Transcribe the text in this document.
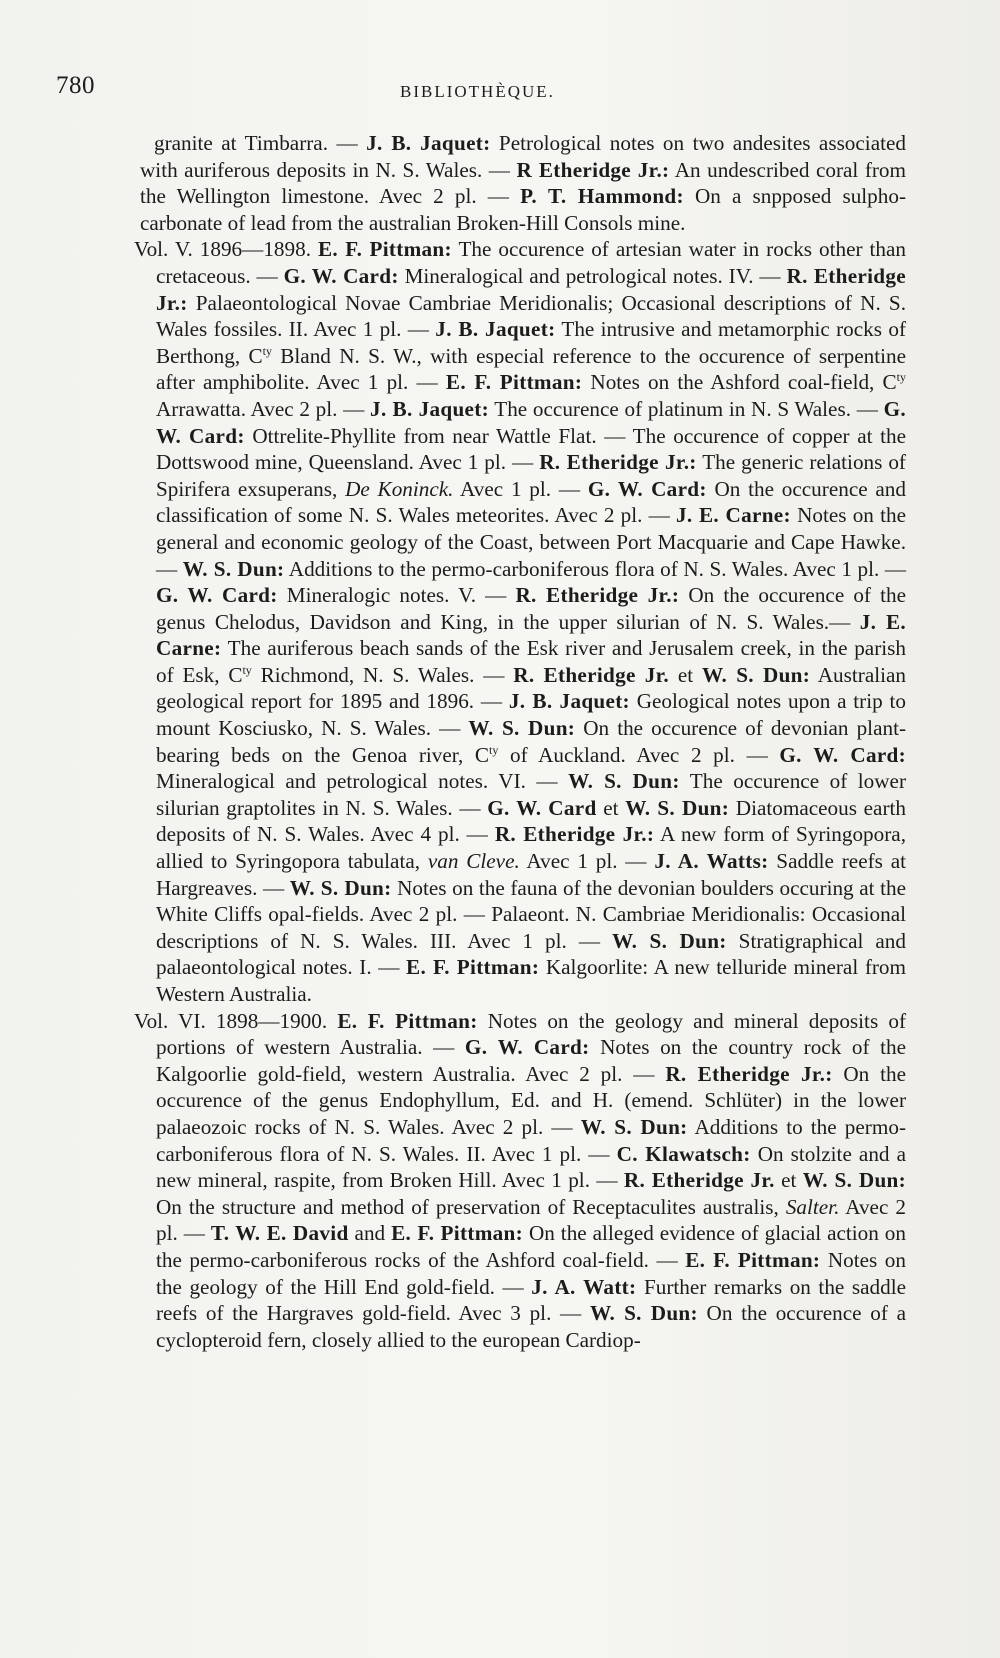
780	BIBLIOTHÈQUE.

granite at Timbarra. — J. B. Jaquet: Petrological notes on two andesites associated with auriferous deposits in N. S. Wales. — R Etheridge Jr.: An undescribed coral from the Wellington limestone. Avec 2 pl. — P. T. Hammond: On a snpposed sulpho-carbonate of lead from the australian Broken-Hill Consols mine.

Vol. V. 1896—1898. E. F. Pittman: The occurence of artesian water in rocks other than cretaceous. — G. W. Card: Mineralogical and petrological notes. IV. — R. Etheridge Jr.: Palaeontological Novae Cambriae Meridionalis; Occasional descriptions of N. S. Wales fossiles. II. Avec 1 pl. — J. B. Jaquet: The intrusive and metamorphic rocks of Berthong, $C^{ty}$ Bland N. S. W., with especial reference to the occurence of serpentine after amphibolite. Avec 1 pl. — E. F. Pittman: Notes on the Ashford coal-field, $C^{ty}$ Arrawatta. Avec 2 pl. — J. B. Jaquet: The occurence of platinum in N. S Wales. — G. W. Card: Ottrelite-Phyllite from near Wattle Flat. — The occurence of copper at the Dottswood mine, Queensland. Avec 1 pl. — R. Etheridge Jr.: The generic relations of Spirifera exsuperans, De Koninck. Avec 1 pl. — G. W. Card: On the occurence and classification of some N. S. Wales meteorites. Avec 2 pl. — J. E. Carne: Notes on the general and economic geology of the Coast, between Port Macquarie and Cape Hawke. — W. S. Dun: Additions to the permo-carboniferous flora of N. S. Wales. Avec 1 pl. — G. W. Card: Mineralogic notes. V. — R. Etheridge Jr.: On the occurence of the genus Chelodus, Davidson and King, in the upper silurian of N. S. Wales.— J. E. Carne: The auriferous beach sands of the Esk river and Jerusalem creek, in the parish of Esk, $C^{ty}$ Richmond, N. S. Wales. — R. Etheridge Jr. et W. S. Dun: Australian geological report for 1895 and 1896. — J. B. Jaquet: Geological notes upon a trip to mount Kosciusko, N. S. Wales. — W. S. Dun: On the occurence of devonian plant-bearing beds on the Genoa river, $C^{ty}$ of Auckland. Avec 2 pl. — G. W. Card: Mineralogical and petrological notes. VI. — W. S. Dun: The occurence of lower silurian graptolites in N. S. Wales. — G. W. Card et W. S. Dun: Diatomaceous earth deposits of N. S. Wales. Avec 4 pl. — R. Etheridge Jr.: A new form of Syringopora, allied to Syringopora tabulata, van Cleve. Avec 1 pl. — J. A. Watts: Saddle reefs at Hargreaves. — W. S. Dun: Notes on the fauna of the devonian boulders occuring at the White Cliffs opal-fields. Avec 2 pl. — Palaeont. N. Cambriae Meridionalis: Occasional descriptions of N. S. Wales. III. Avec 1 pl. — W. S. Dun: Stratigraphical and palaeontological notes. I. — E. F. Pittman: Kalgoorlite: A new telluride mineral from Western Australia.

Vol. VI. 1898—1900. E. F. Pittman: Notes on the geology and mineral deposits of portions of western Australia. — G. W. Card: Notes on the country rock of the Kalgoorlie gold-field, western Australia. Avec 2 pl. — R. Etheridge Jr.: On the occurence of the genus Endophyllum, Ed. and H. (emend. Schlüter) in the lower palaeozoic rocks of N. S. Wales. Avec 2 pl. — W. S. Dun: Additions to the permo-carboniferous flora of N. S. Wales. II. Avec 1 pl. — C. Klawatsch: On stolzite and a new mineral, raspite, from Broken Hill. Avec 1 pl. — R. Etheridge Jr. et W. S. Dun: On the structure and method of preservation of Receptaculites australis, Salter. Avec 2 pl. — T. W. E. David and E. F. Pittman: On the alleged evidence of glacial action on the permo-carboniferous rocks of the Ashford coal-field. — E. F. Pittman: Notes on the geology of the Hill End gold-field. — J. A. Watt: Further remarks on the saddle reefs of the Hargraves gold-field. Avec 3 pl. — W. S. Dun: On the occurence of a cyclopteroid fern, closely allied to the european Cardiop-
